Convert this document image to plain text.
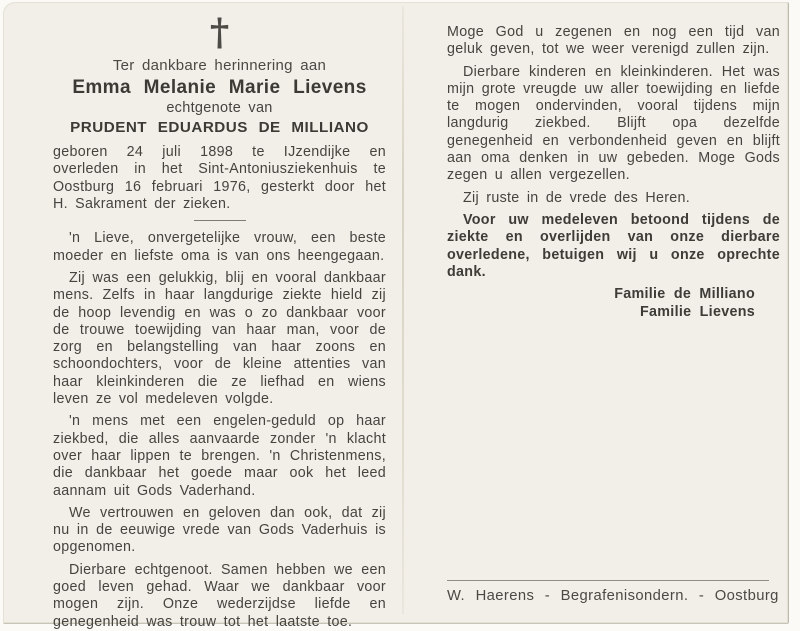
†
Ter dankbare herinnering aan
Emma Melanie Marie Lievens
echtgenote van
PRUDENT EDUARDUS DE MILLIANO

geboren 24 juli 1898 te IJzendijke en overleden in het Sint-Antoniusziekenhuis te Oostburg 16 februari 1976, gesterkt door het H. Sakrament der zieken.

'n Lieve, onvergetelijke vrouw, een beste moeder en liefste oma is van ons heengegaan.

Zij was een gelukkig, blij en vooral dankbaar mens. Zelfs in haar langdurige ziekte hield zij de hoop levendig en was o zo dankbaar voor de trouwe toewijding van haar man, voor de zorg en belangstelling van haar zoons en schoondochters, voor de kleine attenties van haar kleinkinderen die ze liefhad en wiens leven ze vol medeleven volgde.

'n mens met een engelen-geduld op haar ziekbed, die alles aanvaarde zonder 'n klacht over haar lippen te brengen. 'n Christenmens, die dankbaar het goede maar ook het leed aannam uit Gods Vaderhand.

We vertrouwen en geloven dan ook, dat zij nu in de eeuwige vrede van Gods Vaderhuis is opgenomen.

Dierbare echtgenoot. Samen hebben we een goed leven gehad. Waar we dankbaar voor mogen zijn. Onze wederzijdse liefde en genegenheid was trouw tot het laatste toe.

Moge God u zegenen en nog een tijd van geluk geven, tot we weer verenigd zullen zijn.

Dierbare kinderen en kleinkinderen. Het was mijn grote vreugde uw aller toewijding en liefde te mogen ondervinden, vooral tijdens mijn langdurig ziekbed. Blijft opa dezelfde genegenheid en verbondenheid geven en blijft aan oma denken in uw gebeden. Moge Gods zegen u allen vergezellen.

Zij ruste in de vrede des Heren.

Voor uw medeleven betoond tijdens de ziekte en overlijden van onze dierbare overledene, betuigen wij u onze oprechte dank.

Familie de Milliano
Familie Lievens
W. Haerens - Begrafenisondern. - Oostburg
